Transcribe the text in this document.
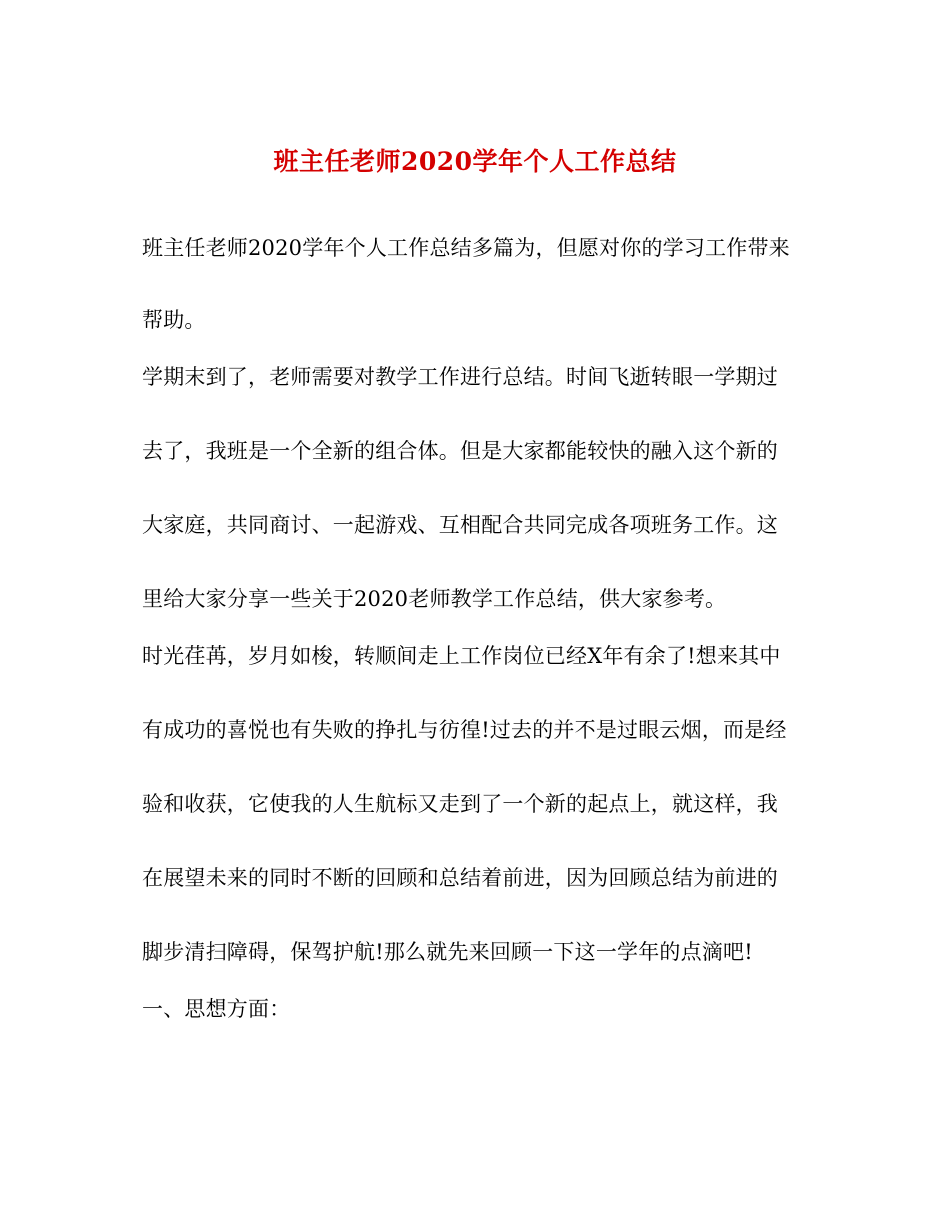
班主任老师2020学年个人工作总结

班主任老师2020学年个人工作总结多篇为，但愿对你的学习工作带来

帮助。

学期末到了，老师需要对教学工作进行总结。时间飞逝转眼一学期过

去了，我班是一个全新的组合体。但是大家都能较快的融入这个新的

大家庭，共同商讨、一起游戏、互相配合共同完成各项班务工作。这

里给大家分享一些关于2020老师教学工作总结，供大家参考。

时光荏苒，岁月如梭，转顺间走上工作岗位已经X年有余了!想来其中

有成功的喜悦也有失败的挣扎与彷徨!过去的并不是过眼云烟，而是经

验和收获，它使我的人生航标又走到了一个新的起点上，就这样，我

在展望未来的同时不断的回顾和总结着前进，因为回顾总结为前进的

脚步清扫障碍，保驾护航!那么就先来回顾一下这一学年的点滴吧!

一、思想方面：
